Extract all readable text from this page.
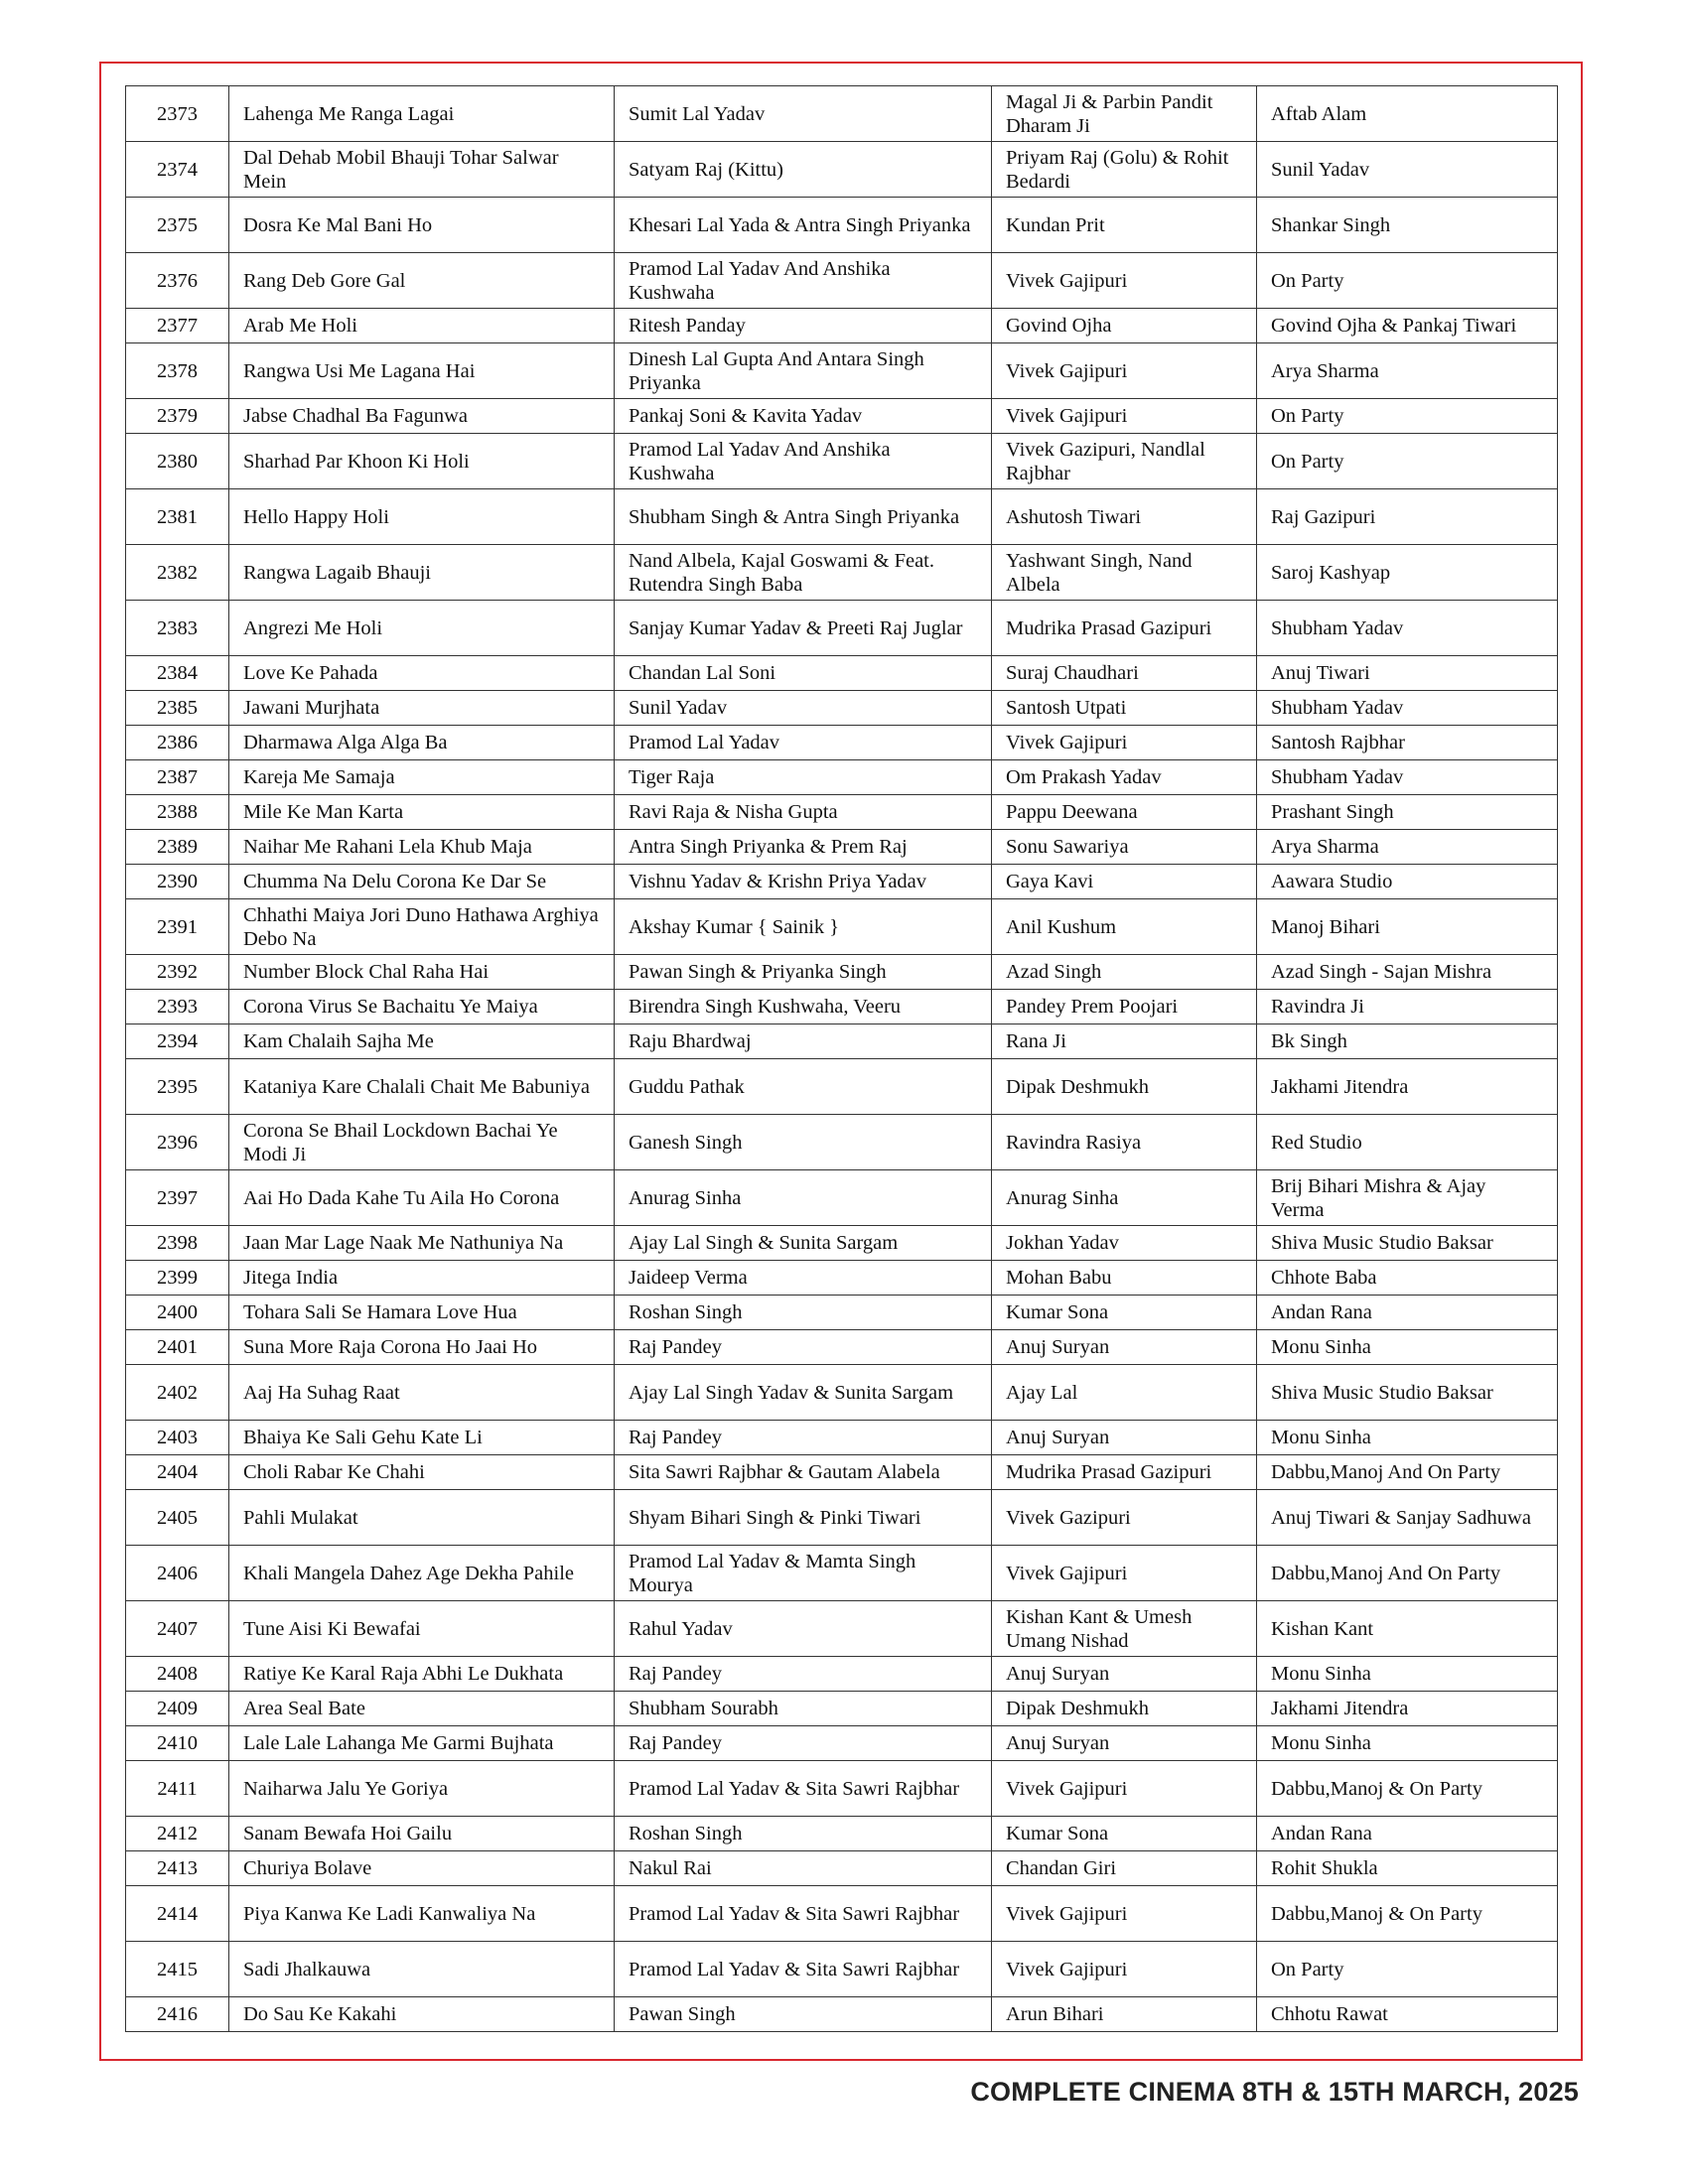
2373	Lahenga Me Ranga Lagai	Sumit Lal Yadav	Magal Ji & Parbin Pandit Dharam Ji	Aftab Alam
2374	Dal Dehab Mobil Bhauji Tohar Salwar Mein	Satyam Raj (Kittu)	Priyam Raj (Golu) & Rohit Bedardi	Sunil Yadav
2375	Dosra Ke Mal Bani Ho	Khesari Lal Yada & Antra Singh Priyanka	Kundan Prit	Shankar Singh
2376	Rang Deb Gore Gal	Pramod Lal Yadav And Anshika Kushwaha	Vivek Gajipuri	On Party
2377	Arab Me Holi	Ritesh Panday	Govind Ojha	Govind Ojha & Pankaj Tiwari
2378	Rangwa Usi Me Lagana Hai	Dinesh Lal Gupta And Antara Singh Priyanka	Vivek Gajipuri	Arya Sharma
2379	Jabse Chadhal Ba Fagunwa	Pankaj Soni & Kavita Yadav	Vivek Gajipuri	On Party
2380	Sharhad Par Khoon Ki Holi	Pramod Lal Yadav And Anshika Kushwaha	Vivek Gazipuri, Nandlal Rajbhar	On Party
2381	Hello Happy Holi	Shubham Singh & Antra Singh Priyanka	Ashutosh Tiwari	Raj Gazipuri
2382	Rangwa Lagaib Bhauji	Nand Albela, Kajal Goswami & Feat. Rutendra Singh Baba	Yashwant Singh, Nand Albela	Saroj Kashyap
2383	Angrezi Me Holi	Sanjay Kumar Yadav & Preeti Raj Juglar	Mudrika Prasad Gazipuri	Shubham Yadav
2384	Love Ke Pahada	Chandan Lal Soni	Suraj Chaudhari	Anuj Tiwari
2385	Jawani Murjhata	Sunil Yadav	Santosh Utpati	Shubham Yadav
2386	Dharmawa Alga Alga Ba	Pramod Lal Yadav	Vivek Gajipuri	Santosh Rajbhar
2387	Kareja Me Samaja	Tiger Raja	Om Prakash Yadav	Shubham Yadav
2388	Mile Ke Man Karta	Ravi Raja & Nisha Gupta	Pappu Deewana	Prashant Singh
2389	Naihar Me Rahani Lela Khub Maja	Antra Singh Priyanka & Prem Raj	Sonu Sawariya	Arya Sharma
2390	Chumma Na Delu Corona Ke Dar Se	Vishnu Yadav & Krishn Priya Yadav	Gaya Kavi	Aawara Studio
2391	Chhathi Maiya Jori Duno Hathawa Arghiya Debo Na	Akshay Kumar { Sainik }	Anil Kushum	Manoj Bihari
2392	Number Block Chal Raha Hai	Pawan Singh & Priyanka Singh	Azad Singh	Azad Singh - Sajan Mishra
2393	Corona Virus Se Bachaitu Ye Maiya	Birendra Singh Kushwaha, Veeru	Pandey Prem Poojari	Ravindra Ji
2394	Kam Chalaih Sajha Me	Raju Bhardwaj	Rana Ji	Bk Singh
2395	Kataniya Kare Chalali Chait Me Babuniya	Guddu Pathak	Dipak Deshmukh	Jakhami Jitendra
2396	Corona Se Bhail Lockdown Bachai Ye Modi Ji	Ganesh Singh	Ravindra Rasiya	Red Studio
2397	Aai Ho Dada Kahe Tu Aila Ho Corona	Anurag Sinha	Anurag Sinha	Brij Bihari Mishra & Ajay Verma
2398	Jaan Mar Lage Naak Me Nathuniya Na	Ajay Lal Singh & Sunita Sargam	Jokhan Yadav	Shiva Music Studio Baksar
2399	Jitega India	Jaideep Verma	Mohan Babu	Chhote Baba
2400	Tohara Sali Se Hamara Love Hua	Roshan Singh	Kumar Sona	Andan Rana
2401	Suna More Raja Corona Ho Jaai Ho	Raj Pandey	Anuj Suryan	Monu Sinha
2402	Aaj Ha Suhag Raat	Ajay Lal Singh Yadav & Sunita Sargam	Ajay Lal	Shiva Music Studio Baksar
2403	Bhaiya Ke Sali Gehu Kate Li	Raj Pandey	Anuj Suryan	Monu Sinha
2404	Choli Rabar Ke Chahi	Sita Sawri Rajbhar & Gautam Alabela	Mudrika Prasad Gazipuri	Dabbu,Manoj And On Party
2405	Pahli Mulakat	Shyam Bihari Singh & Pinki Tiwari	Vivek Gazipuri	Anuj Tiwari & Sanjay Sadhuwa
2406	Khali Mangela Dahez Age Dekha Pahile	Pramod Lal Yadav & Mamta Singh Mourya	Vivek Gajipuri	Dabbu,Manoj And On Party
2407	Tune Aisi Ki Bewafai	Rahul Yadav	Kishan Kant & Umesh Umang Nishad	Kishan Kant
2408	Ratiye Ke Karal Raja Abhi Le Dukhata	Raj Pandey	Anuj Suryan	Monu Sinha
2409	Area Seal Bate	Shubham Sourabh	Dipak Deshmukh	Jakhami Jitendra
2410	Lale Lale Lahanga Me Garmi Bujhata	Raj Pandey	Anuj Suryan	Monu Sinha
2411	Naiharwa Jalu Ye Goriya	Pramod Lal Yadav & Sita Sawri Rajbhar	Vivek Gajipuri	Dabbu,Manoj & On Party
2412	Sanam Bewafa Hoi Gailu	Roshan Singh	Kumar Sona	Andan Rana
2413	Churiya Bolave	Nakul Rai	Chandan Giri	Rohit Shukla
2414	Piya Kanwa Ke Ladi Kanwaliya Na	Pramod Lal Yadav & Sita Sawri Rajbhar	Vivek Gajipuri	Dabbu,Manoj & On Party
2415	Sadi Jhalkauwa	Pramod Lal Yadav & Sita Sawri Rajbhar	Vivek Gajipuri	On Party
2416	Do Sau Ke Kakahi	Pawan Singh	Arun Bihari	Chhotu Rawat
COMPLETE CINEMA 8TH & 15TH MARCH, 2025
